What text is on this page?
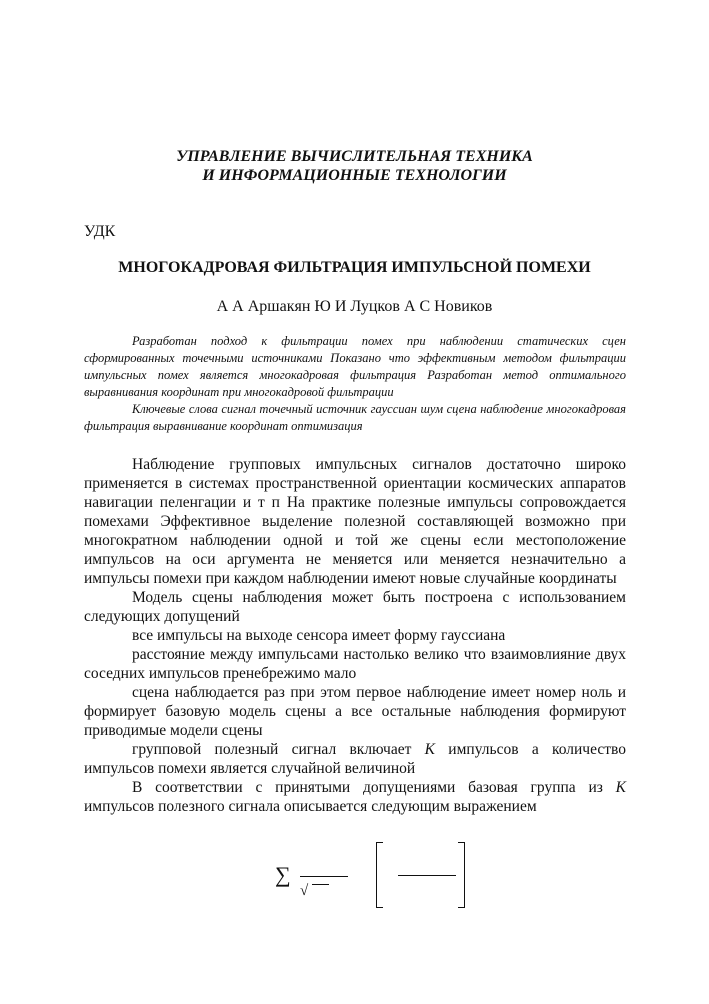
УПРАВЛЕНИЕ ВЫЧИСЛИТЕЛЬНАЯ ТЕХНИКА
И ИНФОРМАЦИОННЫЕ ТЕХНОЛОГИИ
УДК
МНОГОКАДРОВАЯ ФИЛЬТРАЦИЯ ИМПУЛЬСНОЙ ПОМЕХИ
А А Аршакян Ю И Луцков А С Новиков

Разработан подход к фильтрации помех при наблюдении статических сцен сформированных точечными источниками Показано что эффективным методом фильтрации импульсных помех является многокадровая фильтрация Разработан метод оптимального выравнивания координат при многокадровой фильтрации

Ключевые слова сигнал точечный источник гауссиан шум сцена наблюдение многокадровая фильтрация выравнивание координат оптимизация

Наблюдение групповых импульсных сигналов достаточно широко применяется в системах пространственной ориентации космических аппаратов навигации пеленгации и т п На практике полезные импульсы сопровождается помехами Эффективное выделение полезной составляющей возможно при многократном наблюдении одной и той же сцены если местоположение импульсов на оси аргумента не меняется или меняется незначительно а импульсы помехи при каждом наблюдении имеют новые случайные координаты

Модель сцены наблюдения может быть построена с использованием следующих допущений

все импульсы на выходе сенсора имеет форму гауссиана

расстояние между импульсами настолько велико что взаимовлияние двух соседних импульсов пренебрежимо мало

сцена наблюдается раз при этом первое наблюдение имеет номер ноль и формирует базовую модель сцены а все остальные наблюдения формируют приводимые модели сцены

групповой полезный сигнал включает K импульсов а количество импульсов помехи является случайной величиной

В соответствии с принятыми допущениями базовая группа из K импульсов полезного сигнала описывается следующим выражением

∑
√
